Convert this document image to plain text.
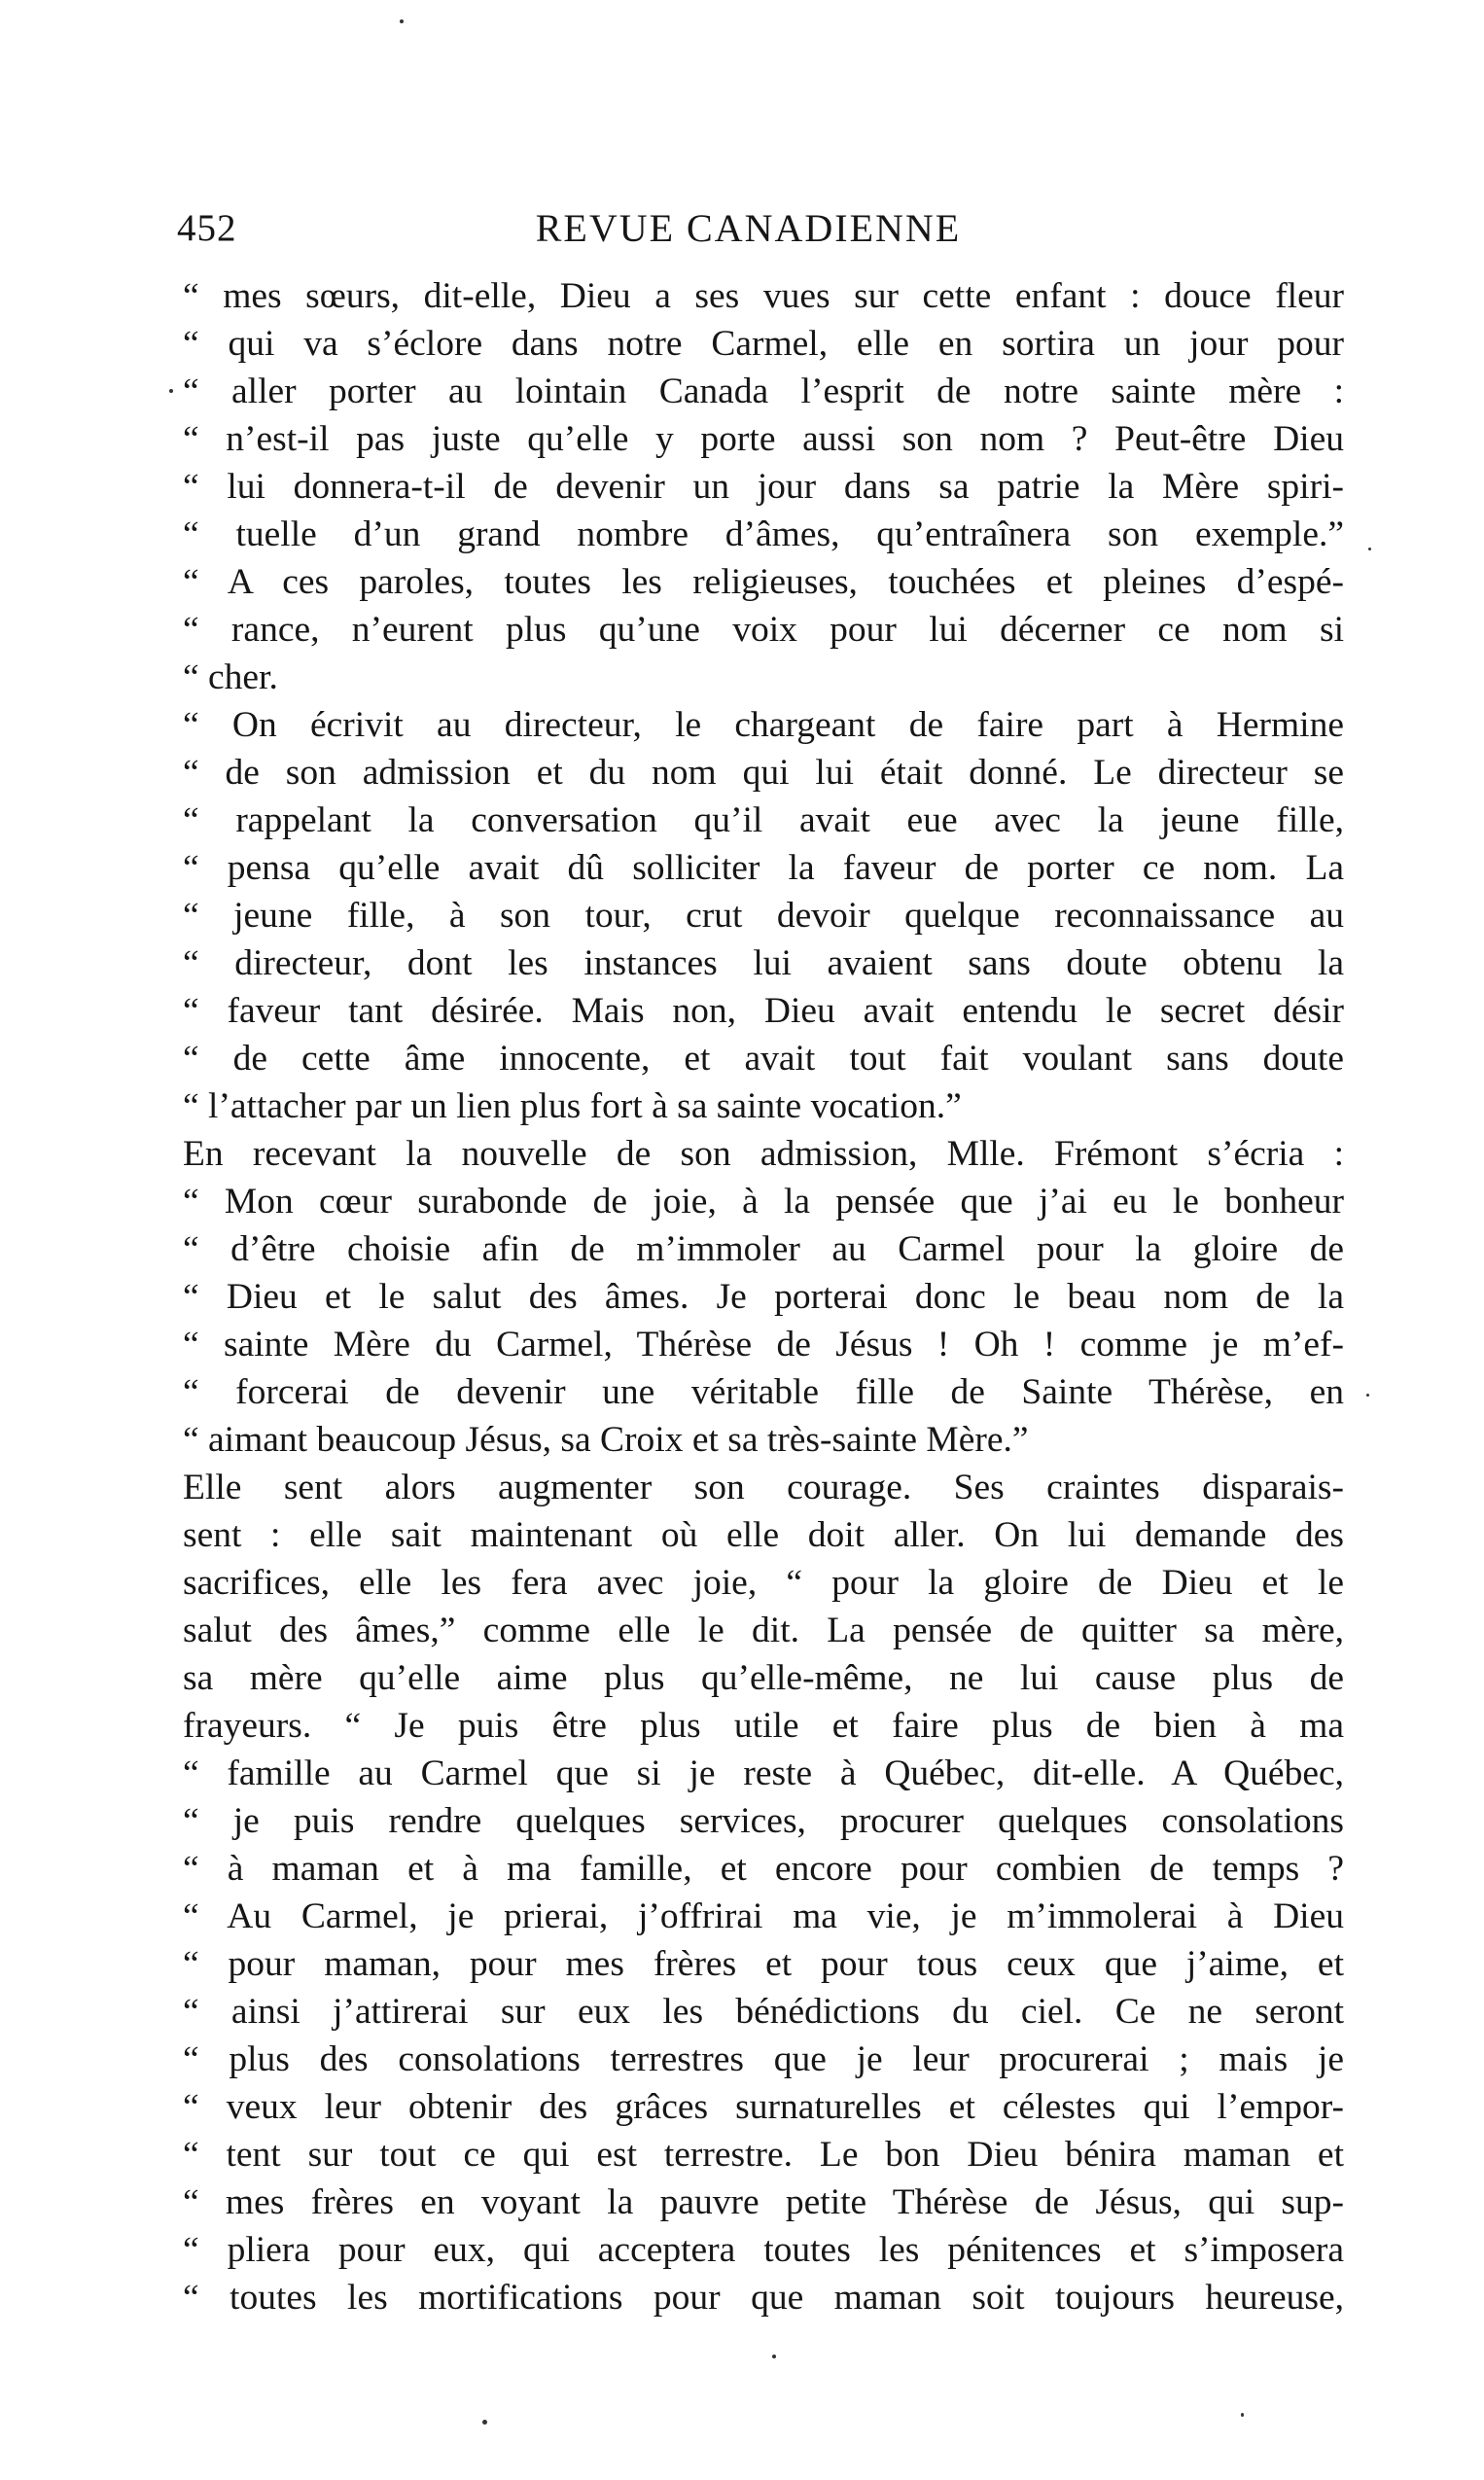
452	REVUE CANADIENNE
“ mes sœurs, dit-elle, Dieu a ses vues sur cette enfant : douce fleur
“ qui va s’éclore dans notre Carmel, elle en sortira un jour pour
“ aller porter au lointain Canada l’esprit de notre sainte mère :
“ n’est-il pas juste qu’elle y porte aussi son nom ? Peut-être Dieu
“ lui donnera-t-il de devenir un jour dans sa patrie la Mère spiri-
“ tuelle d’un grand nombre d’âmes, qu’entraînera son exemple.”
“ A ces paroles, toutes les religieuses, touchées et pleines d’espé-
“ rance, n’eurent plus qu’une voix pour lui décerner ce nom si
“ cher.
“ On écrivit au directeur, le chargeant de faire part à Hermine
“ de son admission et du nom qui lui était donné. Le directeur se
“ rappelant la conversation qu’il avait eue avec la jeune fille,
“ pensa qu’elle avait dû solliciter la faveur de porter ce nom. La
“ jeune fille, à son tour, crut devoir quelque reconnaissance au
“ directeur, dont les instances lui avaient sans doute obtenu la
“ faveur tant désirée. Mais non, Dieu avait entendu le secret désir
“ de cette âme innocente, et avait tout fait voulant sans doute
“ l’attacher par un lien plus fort à sa sainte vocation.”
En recevant la nouvelle de son admission, Mlle. Frémont s’écria :
“ Mon cœur surabonde de joie, à la pensée que j’ai eu le bonheur
“ d’être choisie afin de m’immoler au Carmel pour la gloire de
“ Dieu et le salut des âmes. Je porterai donc le beau nom de la
“ sainte Mère du Carmel, Thérèse de Jésus ! Oh ! comme je m’ef-
“ forcerai de devenir une véritable fille de Sainte Thérèse, en
“ aimant beaucoup Jésus, sa Croix et sa très-sainte Mère.”
Elle sent alors augmenter son courage. Ses craintes disparais-
sent : elle sait maintenant où elle doit aller. On lui demande des
sacrifices, elle les fera avec joie, “ pour la gloire de Dieu et le
salut des âmes,” comme elle le dit. La pensée de quitter sa mère,
sa mère qu’elle aime plus qu’elle-même, ne lui cause plus de
frayeurs. “ Je puis être plus utile et faire plus de bien à ma
“ famille au Carmel que si je reste à Québec, dit-elle. A Québec,
“ je puis rendre quelques services, procurer quelques consolations
“ à maman et à ma famille, et encore pour combien de temps ?
“ Au Carmel, je prierai, j’offrirai ma vie, je m’immolerai à Dieu
“ pour maman, pour mes frères et pour tous ceux que j’aime, et
“ ainsi j’attirerai sur eux les bénédictions du ciel. Ce ne seront
“ plus des consolations terrestres que je leur procurerai ; mais je
“ veux leur obtenir des grâces surnaturelles et célestes qui l’empor-
“ tent sur tout ce qui est terrestre. Le bon Dieu bénira maman et
“ mes frères en voyant la pauvre petite Thérèse de Jésus, qui sup-
“ pliera pour eux, qui acceptera toutes les pénitences et s’imposera
“ toutes les mortifications pour que maman soit toujours heureuse,
